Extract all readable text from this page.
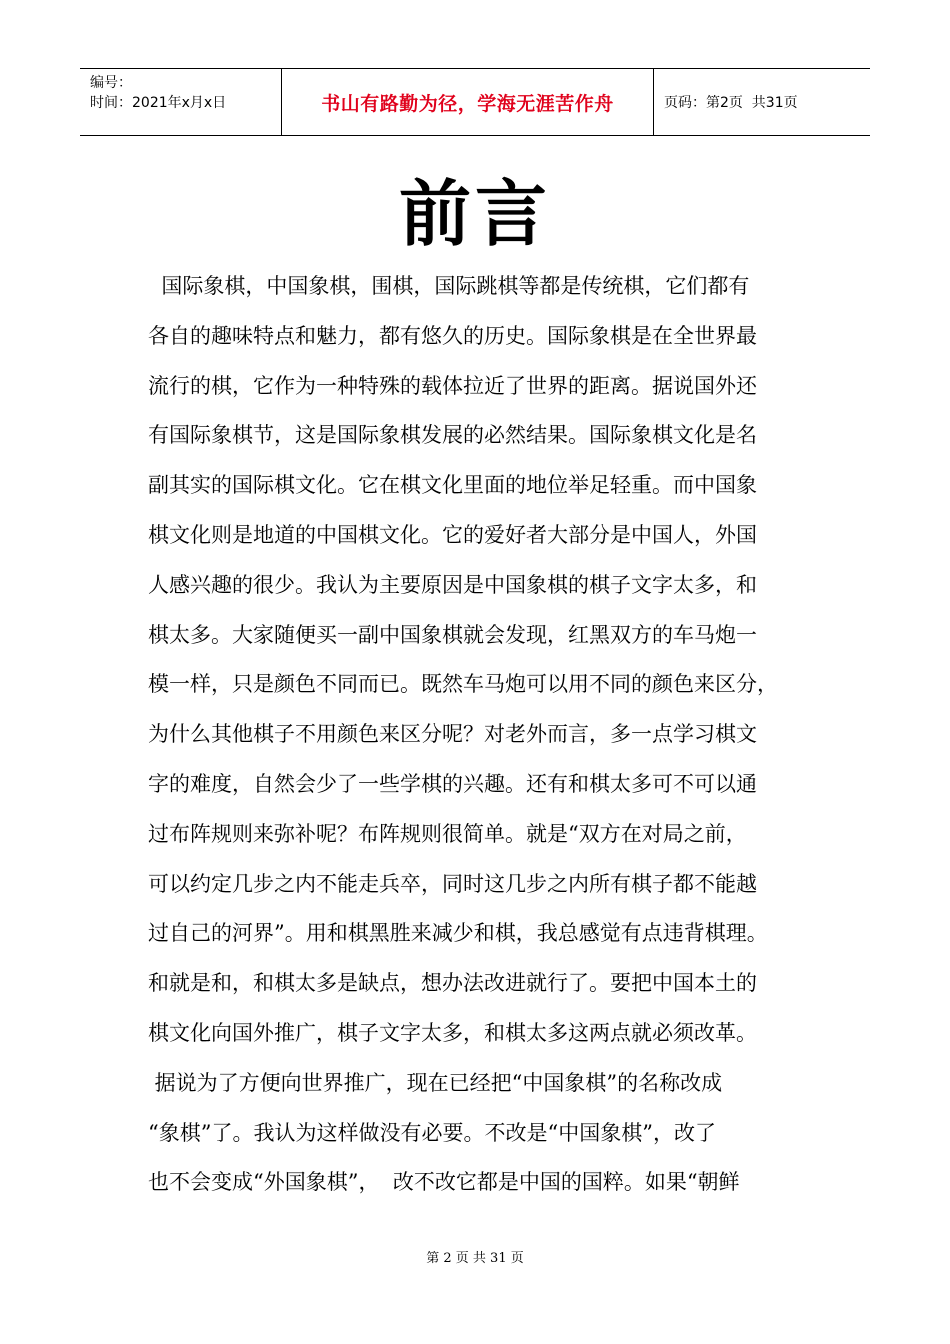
编号：
时间：2021年x月x日	书山有路勤为径，学海无涯苦作舟	页码：第2页  共31页
前言
国际象棋，中国象棋，围棋，国际跳棋等都是传统棋，它们都有
各自的趣味特点和魅力，都有悠久的历史。国际象棋是在全世界最
流行的棋，它作为一种特殊的载体拉近了世界的距离。据说国外还
有国际象棋节，这是国际象棋发展的必然结果。国际象棋文化是名
副其实的国际棋文化。它在棋文化里面的地位举足轻重。而中国象
棋文化则是地道的中国棋文化。它的爱好者大部分是中国人，外国
人感兴趣的很少。我认为主要原因是中国象棋的棋子文字太多，和
棋太多。大家随便买一副中国象棋就会发现，红黑双方的车马炮一
模一样，只是颜色不同而已。既然车马炮可以用不同的颜色来区分，
为什么其他棋子不用颜色来区分呢？对老外而言，多一点学习棋文
字的难度，自然会少了一些学棋的兴趣。还有和棋太多可不可以通
过布阵规则来弥补呢？布阵规则很简单。就是“双方在对局之前，
可以约定几步之内不能走兵卒，同时这几步之内所有棋子都不能越
过自己的河界”。用和棋黑胜来减少和棋，我总感觉有点违背棋理。
和就是和，和棋太多是缺点，想办法改进就行了。要把中国本土的
棋文化向国外推广，棋子文字太多，和棋太多这两点就必须改革。
据说为了方便向世界推广，现在已经把“中国象棋”的名称改成
“象棋”了。我认为这样做没有必要。不改是“中国象棋”，改了
也不会变成“外国象棋”，  改不改它都是中国的国粹。如果“朝鲜
第 2 页 共 31 页
